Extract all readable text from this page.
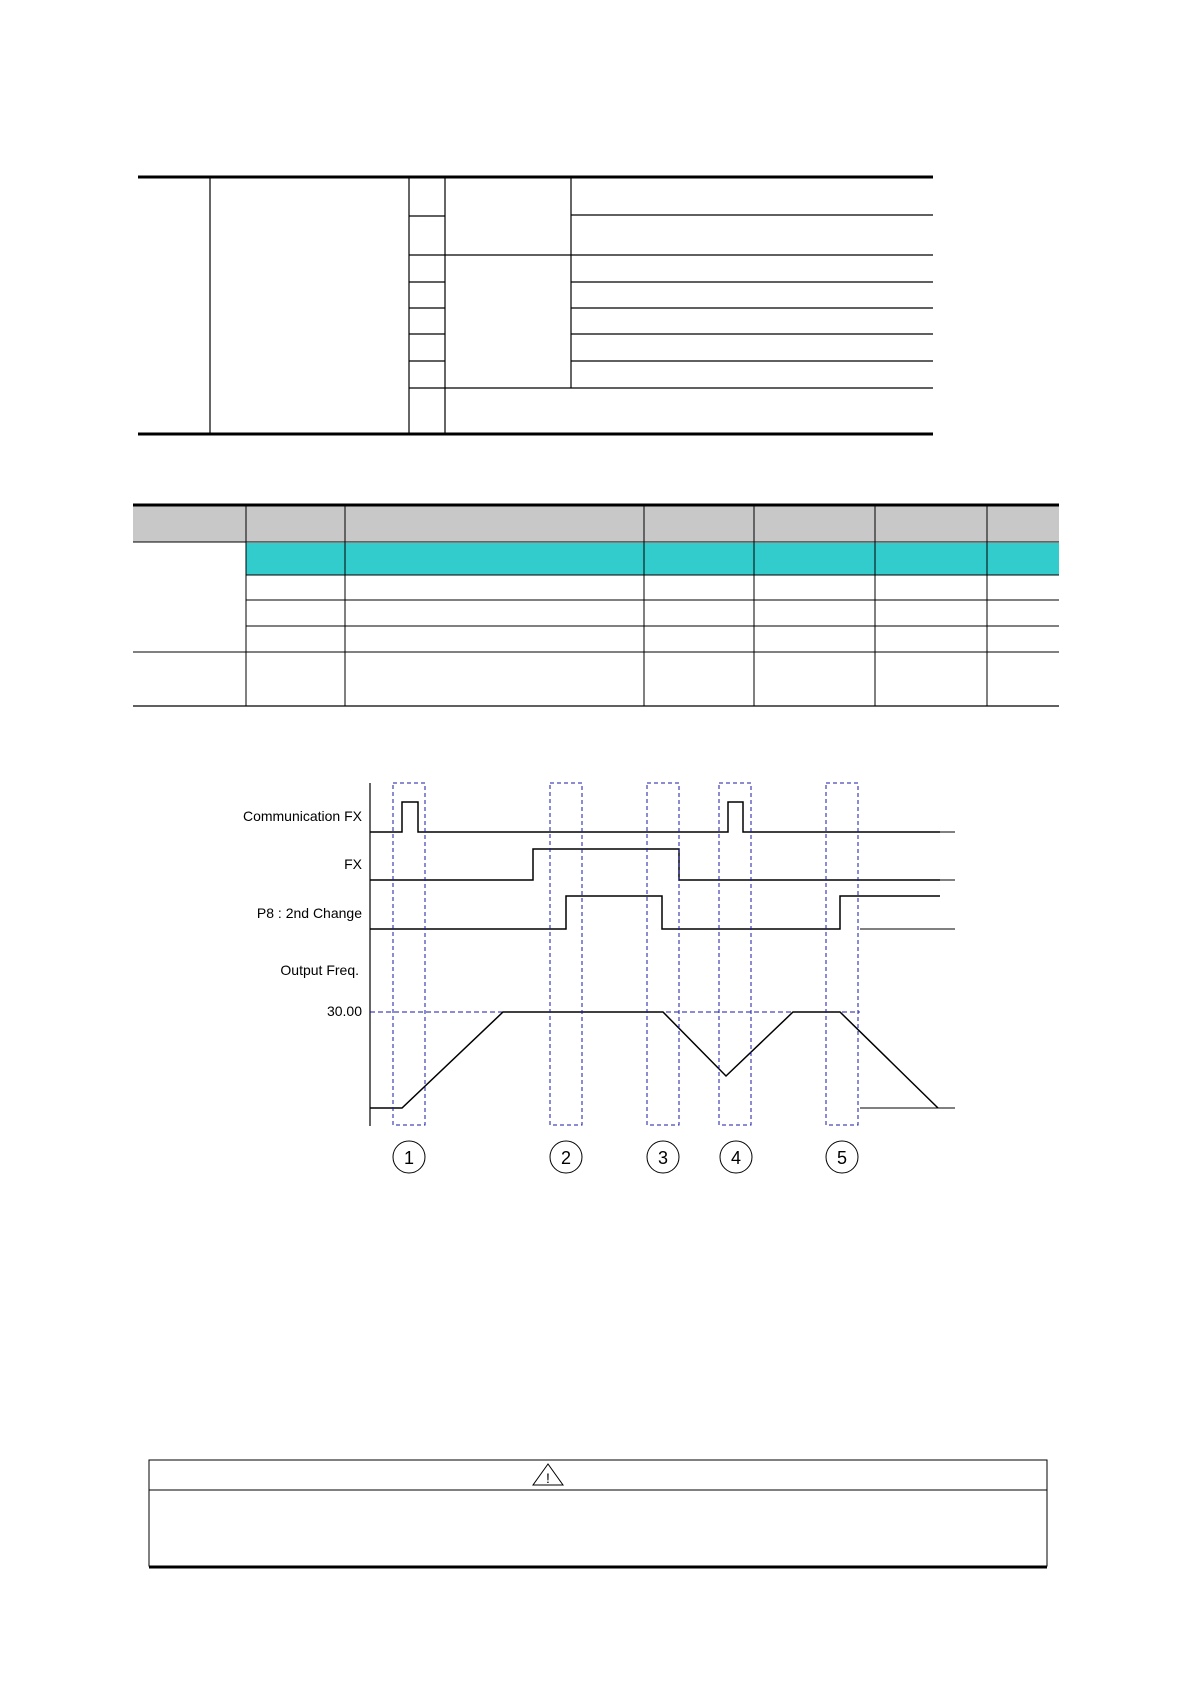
Communication FX
FX
P8 : 2nd Change
Output Freq.
30.00
1	2	3	4	5
!
